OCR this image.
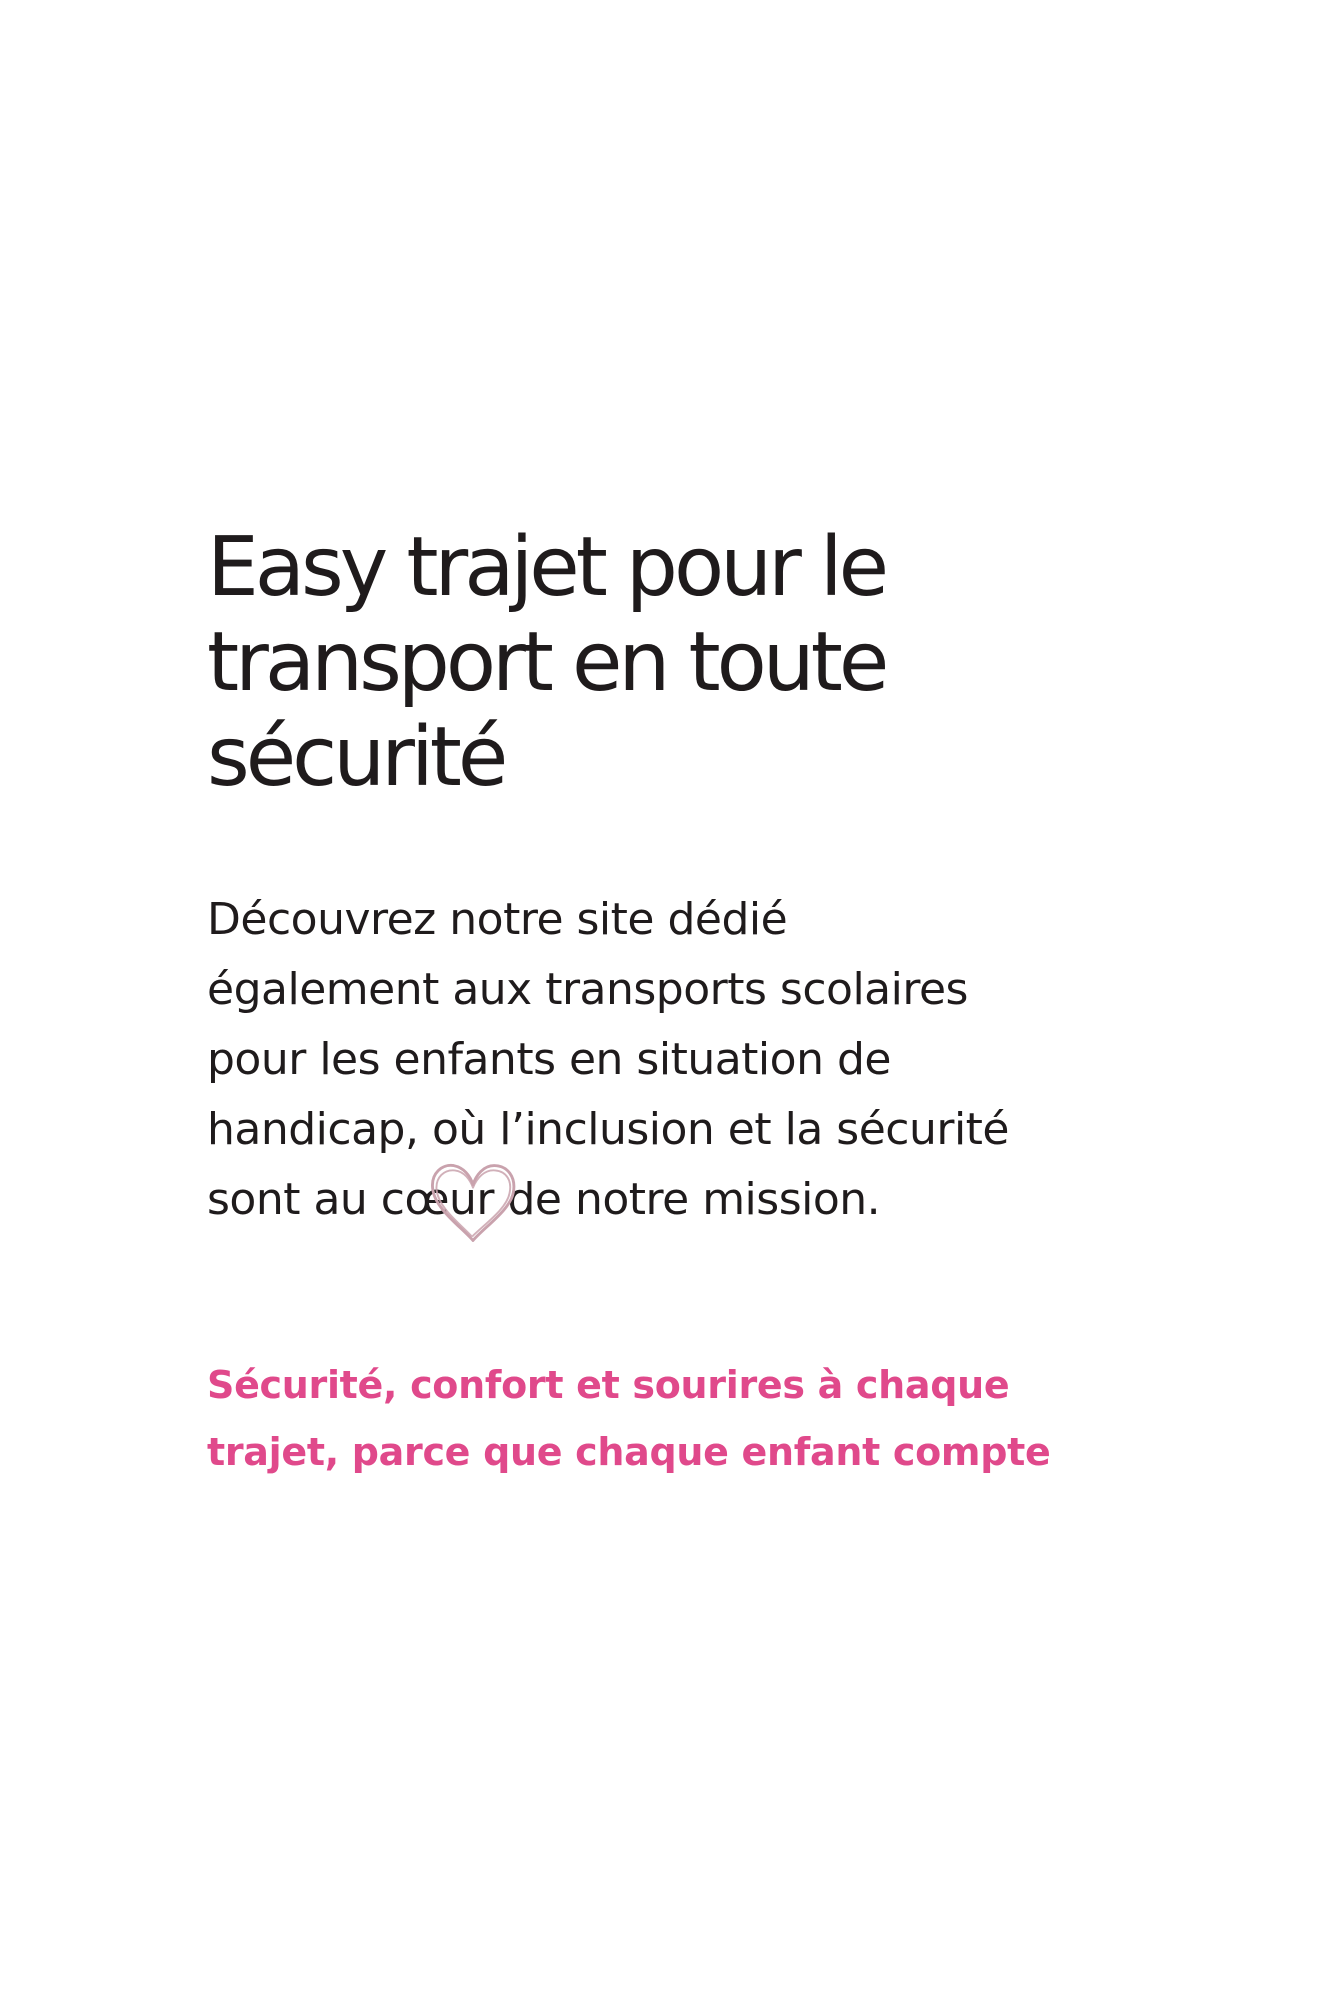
Easy trajet pour le
transport en toute
sécurité

Découvrez notre site dédié
également aux transports scolaires
pour les enfants en situation de
handicap, où l’inclusion et la sécurité
sont au cœur de notre mission.

Sécurité, confort et sourires à chaque
trajet, parce que chaque enfant compte
